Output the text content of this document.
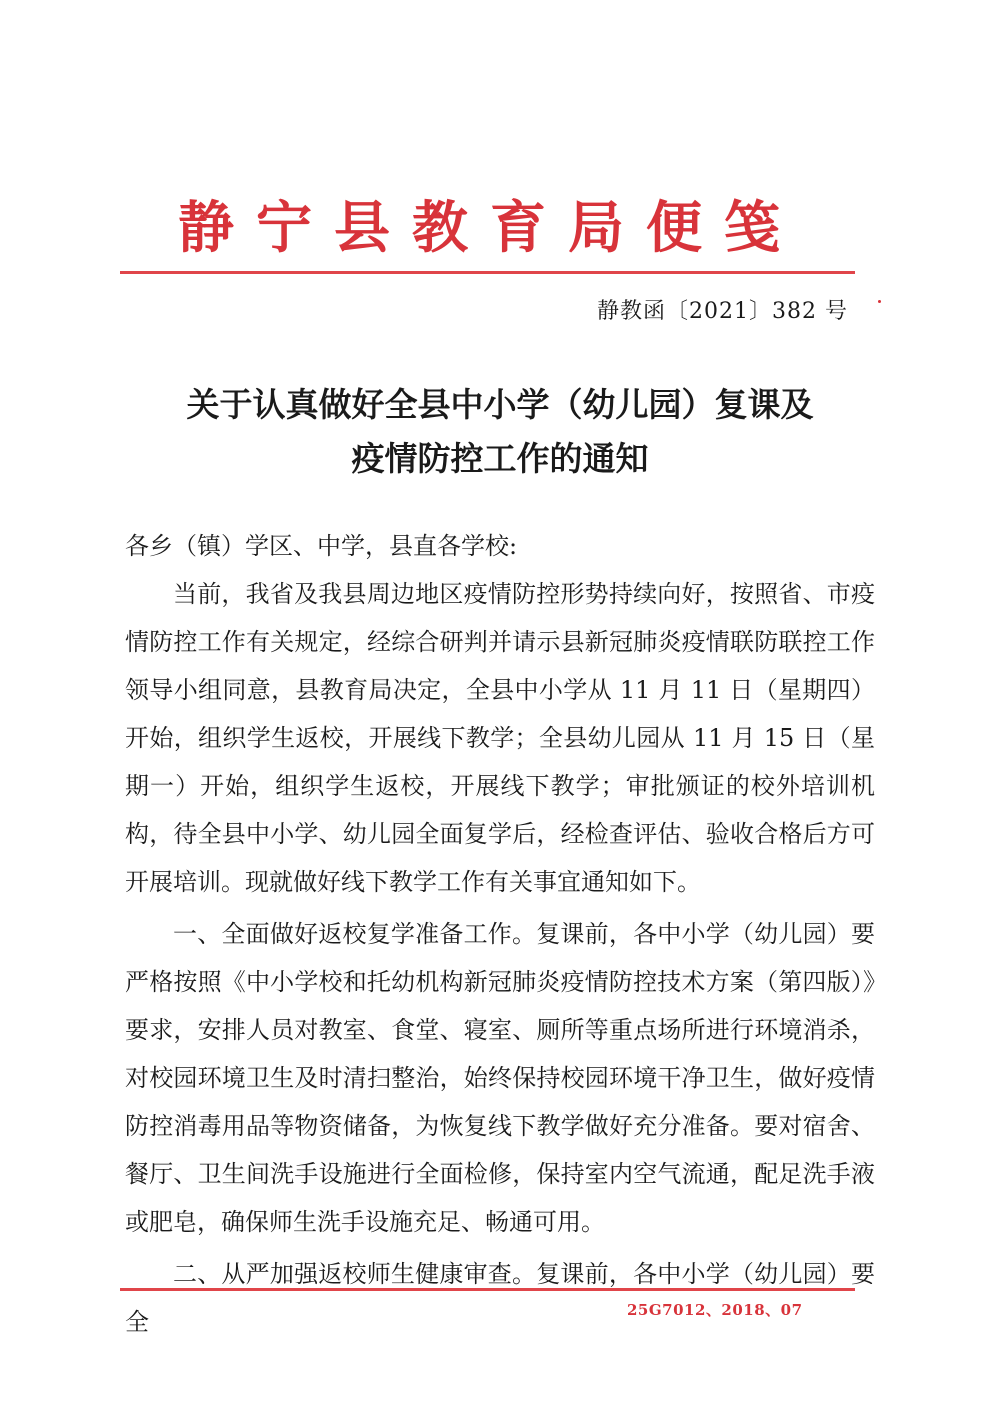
静宁县教育局便笺
静教函〔2021〕382 号
关于认真做好全县中小学（幼儿园）复课及
疫情防控工作的通知

各乡（镇）学区、中学，县直各学校:

当前，我省及我县周边地区疫情防控形势持续向好，按照省、市疫情防控工作有关规定，经综合研判并请示县新冠肺炎疫情联防联控工作领导小组同意，县教育局决定，全县中小学从 11 月 11 日（星期四）开始，组织学生返校，开展线下教学；全县幼儿园从 11 月 15 日（星期一）开始，组织学生返校，开展线下教学；审批颁证的校外培训机构，待全县中小学、幼儿园全面复学后，经检查评估、验收合格后方可开展培训。现就做好线下教学工作有关事宜通知如下。

一、全面做好返校复学准备工作。复课前，各中小学（幼儿园）要严格按照《中小学校和托幼机构新冠肺炎疫情防控技术方案（第四版）》要求，安排人员对教室、食堂、寝室、厕所等重点场所进行环境消杀，对校园环境卫生及时清扫整治，始终保持校园环境干净卫生，做好疫情防控消毒用品等物资储备，为恢复线下教学做好充分准备。要对宿舍、餐厅、卫生间洗手设施进行全面检修，保持室内空气流通，配足洗手液或肥皂，确保师生洗手设施充足、畅通可用。

二、从严加强返校师生健康审查。复课前，各中小学（幼儿园）要全	25G7012、2018、07
